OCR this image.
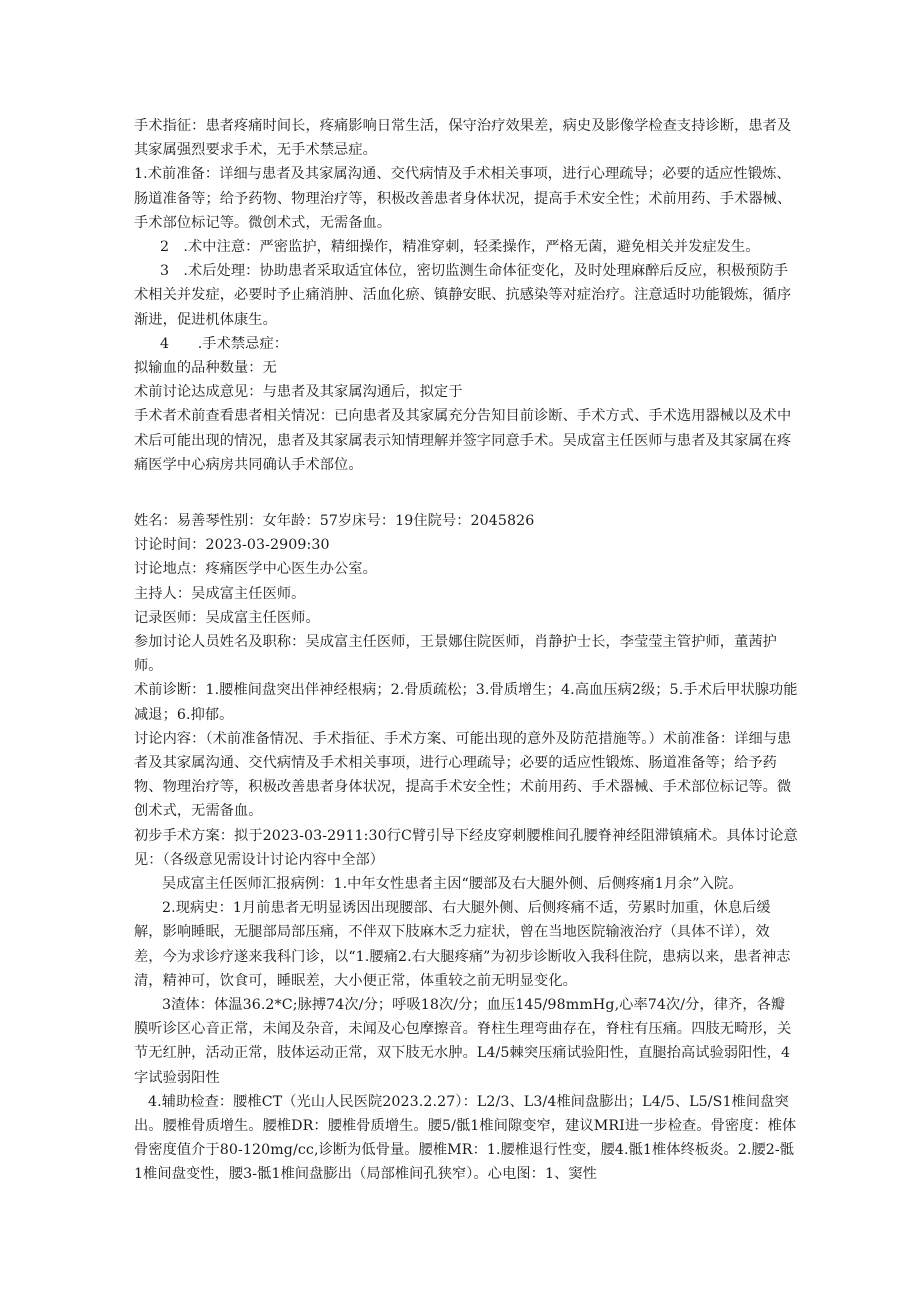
手术指征：患者疼痛时间长，疼痛影响日常生活，保守治疗效果差，病史及影像学检查支持诊断，患者及其家属强烈要求手术，无手术禁忌症。

1.术前准备：详细与患者及其家属沟通、交代病情及手术相关事项，进行心理疏导；必要的适应性锻炼、肠道准备等；给予药物、物理治疗等，积极改善患者身体状况，提高手术安全性；术前用药、手术器械、手术部位标记等。微创术式，无需备血。

2　.术中注意：严密监护，精细操作，精准穿刺，轻柔操作，严格无菌，避免相关并发症发生。

3　.术后处理：协助患者采取适宜体位，密切监测生命体征变化，及时处理麻醉后反应，积极预防手术相关并发症，必要时予止痛消肿、活血化瘀、镇静安眠、抗感染等对症治疗。注意适时功能锻炼，循序渐进，促进机体康生。

4　　.手术禁忌症：

拟输血的品种数量：无

术前讨论达成意见：与患者及其家属沟通后，拟定于

手术者术前查看患者相关情况：已向患者及其家属充分告知目前诊断、手术方式、手术选用器械以及术中术后可能出现的情况，患者及其家属表示知情理解并签字同意手术。吴成富主任医师与患者及其家属在疼痛医学中心病房共同确认手术部位。

姓名：易善琴性别：女年龄：57岁床号：19住院号：2045826

讨论时间：2023-03-2909:30

讨论地点：疼痛医学中心医生办公室。

主持人：吴成富主任医师。

记录医师：吴成富主任医师。

参加讨论人员姓名及职称：吴成富主任医师，王景娜住院医师，肖静护士长，李莹莹主管护师，董茜护师。

术前诊断：1.腰椎间盘突出伴神经根病；2.骨质疏松；3.骨质增生；4.高血压病2级；5.手术后甲状腺功能减退；6.抑郁。

讨论内容：（术前准备情况、手术指征、手术方案、可能出现的意外及防范措施等。）术前准备：详细与患者及其家属沟通、交代病情及手术相关事项，进行心理疏导；必要的适应性锻炼、肠道准备等；给予药物、物理治疗等，积极改善患者身体状况，提高手术安全性；术前用药、手术器械、手术部位标记等。微创术式，无需备血。

初步手术方案：拟于2023-03-2911:30行C臂引导下经皮穿刺腰椎间孔腰脊神经阻滞镇痛术。具体讨论意见：（各级意见需设计讨论内容中全部）

吴成富主任医师汇报病例：1.中年女性患者主因“腰部及右大腿外侧、后侧疼痛1月余”入院。

2.现病史：1月前患者无明显诱因出现腰部、右大腿外侧、后侧疼痛不适，劳累时加重，休息后缓解，影响睡眠，无腿部局部压痛，不伴双下肢麻木乏力症状，曾在当地医院输液治疗（具体不详），效差，今为求诊疗遂来我科门诊，以“1.腰痛2.右大腿疼痛”为初步诊断收入我科住院，患病以来，患者神志清，精神可，饮食可，睡眠差，大小便正常，体重较之前无明显变化。

3渣体：体温36.2*C;脉搏74次/分；呼吸18次/分；血压145∕98mmHg,心率74次/分，律齐，各瓣膜听诊区心音正常，未闻及杂音，未闻及心包摩擦音。脊柱生理弯曲存在，脊柱有压痛。四肢无畸形，关节无红肿，活动正常，肢体运动正常，双下肢无水肿。L4/5棘突压痛试验阳性，直腿抬高试验弱阳性，4字试验弱阳性

4.辅助检查：腰椎CT（光山人民医院2023.2.27）：L2/3、L3/4椎间盘膨出；L4/5、L5/S1椎间盘突出。腰椎骨质增生。腰椎DR：腰椎骨质增生。腰5/骶1椎间隙变窄，建议MRI进一步检查。骨密度：椎体骨密度值介于80-120mg∕cc,诊断为低骨量。腰椎MR：1.腰椎退行性变，腰4.骶1椎体终板炎。2.腰2-骶1椎间盘变性，腰3-骶1椎间盘膨出（局部椎间孔狭窄）。心电图：1、窦性
